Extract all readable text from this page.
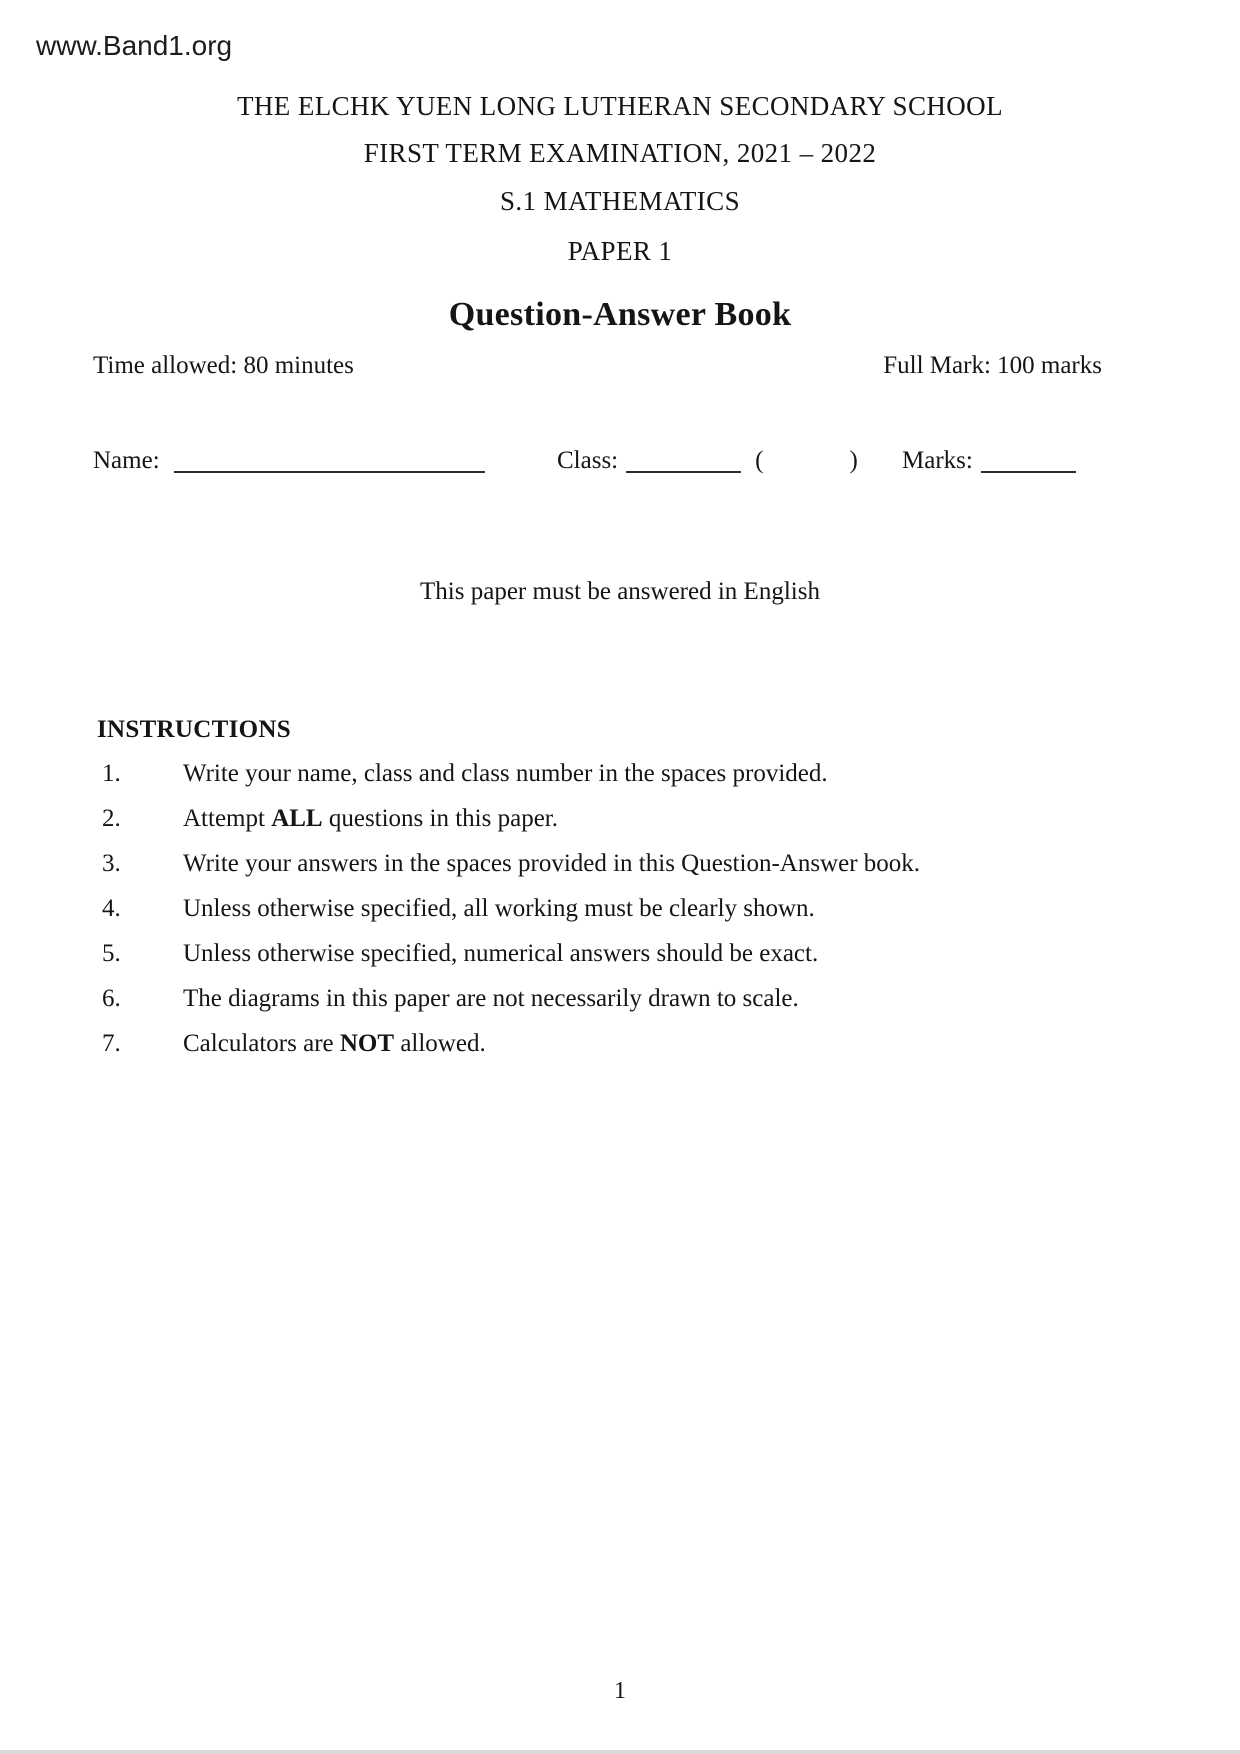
www.Band1.org
THE ELCHK YUEN LONG LUTHERAN SECONDARY SCHOOL
FIRST TERM EXAMINATION, 2021 – 2022
S.1 MATHEMATICS
PAPER 1
Question-Answer Book
Time allowed: 80 minutes	Full Mark: 100 marks
Name:	Class:	(	) Marks:
This paper must be answered in English
INSTRUCTIONS
1. Write your name, class and class number in the spaces provided.
2. Attempt ALL questions in this paper.
3. Write your answers in the spaces provided in this Question-Answer book.
4. Unless otherwise specified, all working must be clearly shown.
5. Unless otherwise specified, numerical answers should be exact.
6. The diagrams in this paper are not necessarily drawn to scale.
7. Calculators are NOT allowed.
1
